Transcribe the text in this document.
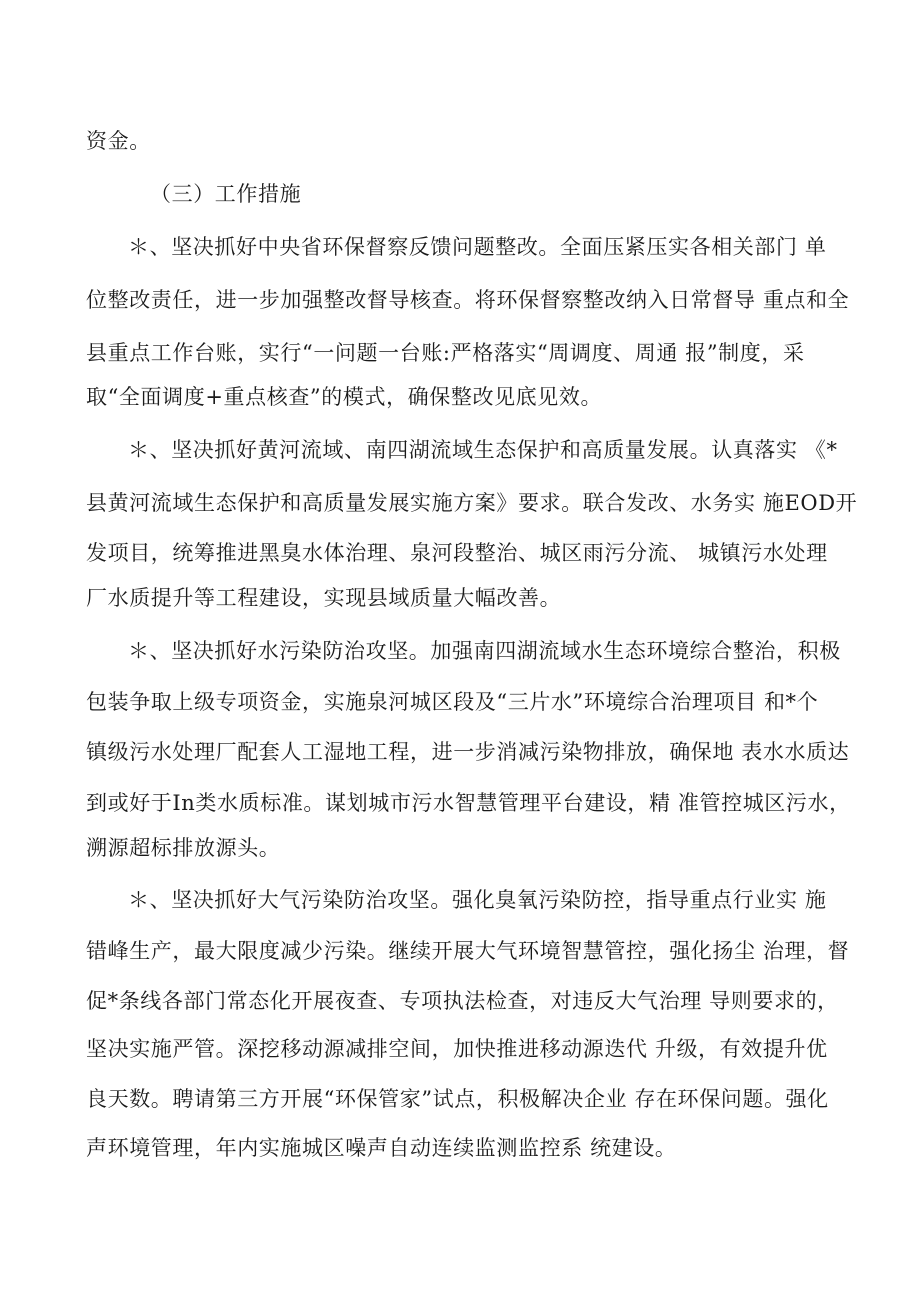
资金。
（三）工作措施
＊、坚决抓好中央省环保督察反馈问题整改。全面压紧压实各相关部门 单
位整改责任，进一步加强整改督导核查。将环保督察整改纳入日常督导 重点和全
县重点工作台账，实行“一问题一台账:严格落实“周调度、周通 报”制度，采
取“全面调度+重点核查”的模式，确保整改见底见效。
＊、坚决抓好黄河流域、南四湖流域生态保护和高质量发展。认真落实 《*
县黄河流域生态保护和高质量发展实施方案》要求。联合发改、水务实 施EOD开
发项目，统筹推进黑臭水体治理、泉河段整治、城区雨污分流、 城镇污水处理
厂水质提升等工程建设，实现县域质量大幅改善。
＊、坚决抓好水污染防治攻坚。加强南四湖流域水生态环境综合整治，积极
包装争取上级专项资金，实施泉河城区段及“三片水”环境综合治理项目 和*个
镇级污水处理厂配套人工湿地工程，进一步消减污染物排放，确保地 表水水质达
到或好于In类水质标准。谋划城市污水智慧管理平台建设，精 准管控城区污水，
溯源超标排放源头。
＊、坚决抓好大气污染防治攻坚。强化臭氧污染防控，指导重点行业实 施
错峰生产，最大限度减少污染。继续开展大气环境智慧管控，强化扬尘 治理，督
促*条线各部门常态化开展夜查、专项执法检查，对违反大气治理 导则要求的，
坚决实施严管。深挖移动源减排空间，加快推进移动源迭代 升级，有效提升优
良天数。聘请第三方开展“环保管家”试点，积极解决企业 存在环保问题。强化
声环境管理，年内实施城区噪声自动连续监测监控系 统建设。
